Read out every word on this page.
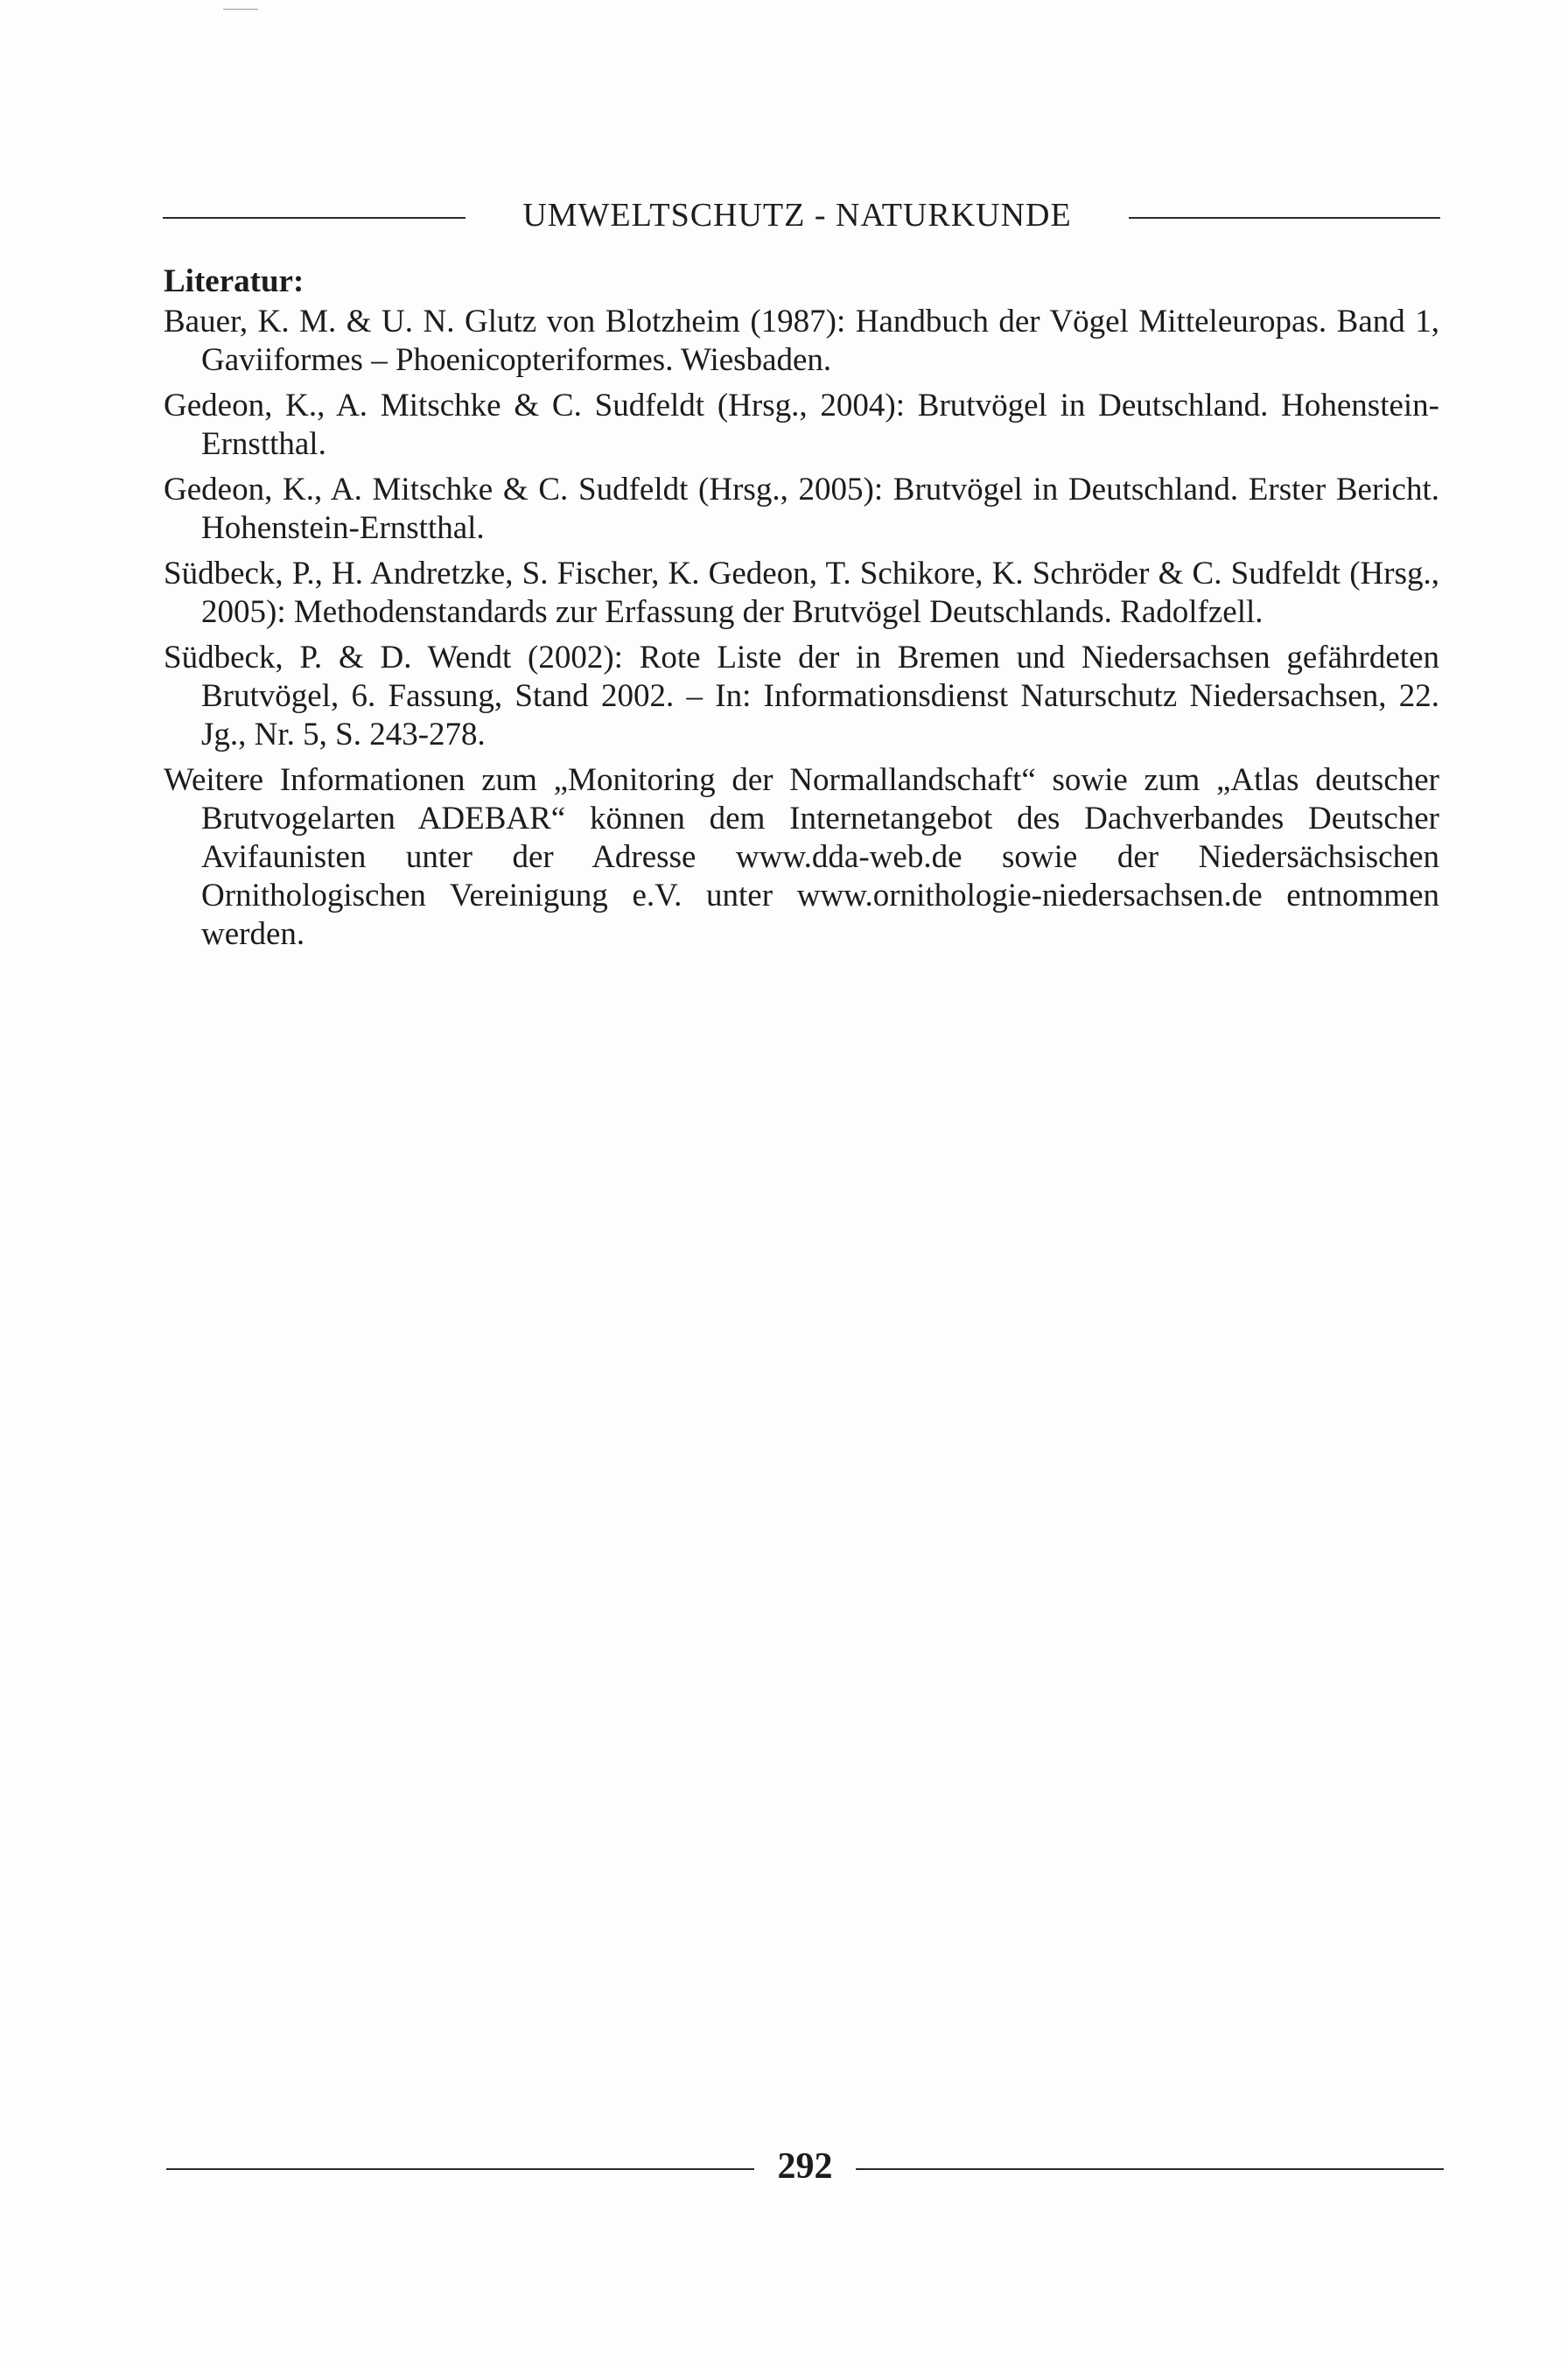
UMWELTSCHUTZ - NATURKUNDE

Literatur:

Bauer, K. M. & U. N. Glutz von Blotzheim (1987): Handbuch der Vögel Mitteleuropas. Band 1, Gaviiformes – Phoenicopteriformes. Wiesbaden.

Gedeon, K., A. Mitschke & C. Sudfeldt (Hrsg., 2004): Brutvögel in Deutschland. Hohenstein-Ernstthal.

Gedeon, K., A. Mitschke & C. Sudfeldt (Hrsg., 2005): Brutvögel in Deutschland. Erster Bericht. Hohenstein-Ernstthal.

Südbeck, P., H. Andretzke, S. Fischer, K. Gedeon, T. Schikore, K. Schröder & C. Sudfeldt (Hrsg., 2005): Methodenstandards zur Erfassung der Brutvögel Deutschlands. Radolfzell.

Südbeck, P. & D. Wendt (2002): Rote Liste der in Bremen und Niedersachsen gefährdeten Brutvögel, 6. Fassung, Stand 2002. – In: Informationsdienst Naturschutz Niedersachsen, 22. Jg., Nr. 5, S. 243-278.

Weitere Informationen zum „Monitoring der Normallandschaft“ sowie zum „Atlas deutscher Brutvogelarten ADEBAR“ können dem Internetangebot des Dachverbandes Deutscher Avifaunisten unter der Adresse www.dda-web.de sowie der Niedersächsischen Ornithologischen Vereinigung e.V. unter www.ornithologie-niedersachsen.de entnommen werden.

292
